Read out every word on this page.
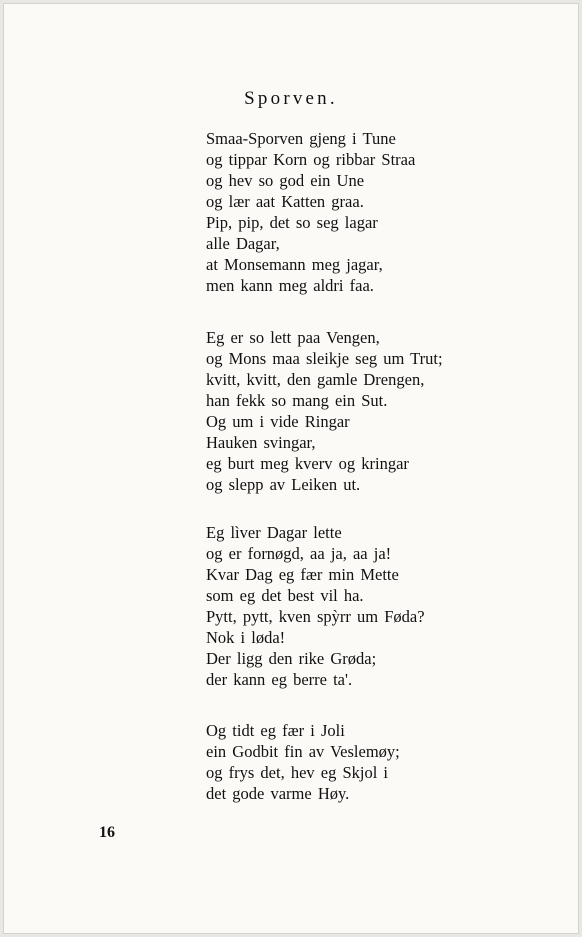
Sporven.
Smaa-Sporven gjeng i Tune
og tippar Korn og ribbar Straa
og hev so god ein Une
og lær aat Katten graa.
Pip, pip, det so seg lagar
alle Dagar,
at Monsemann meg jagar,
men kann meg aldri faa.
Eg er so lett paa Vengen,
og Mons maa sleikje seg um Trut;
kvitt, kvitt, den gamle Drengen,
han fekk so mang ein Sut.
Og um i vide Ringar
Hauken svingar,
eg burt meg kverv og kringar
og slepp av Leiken ut.
Eg lìver Dagar lette
og er fornøgd, aa ja, aa ja!
Kvar Dag eg fær min Mette
som eg det best vil ha.
Pytt, pytt, kven spỳrr um Føda?
Nok i løda!
Der ligg den rike Grøda;
der kann eg berre ta'.
Og tidt eg fær i Joli
ein Godbit fin av Veslemøy;
og frys det, hev eg Skjol i
det gode varme Høy.
16
